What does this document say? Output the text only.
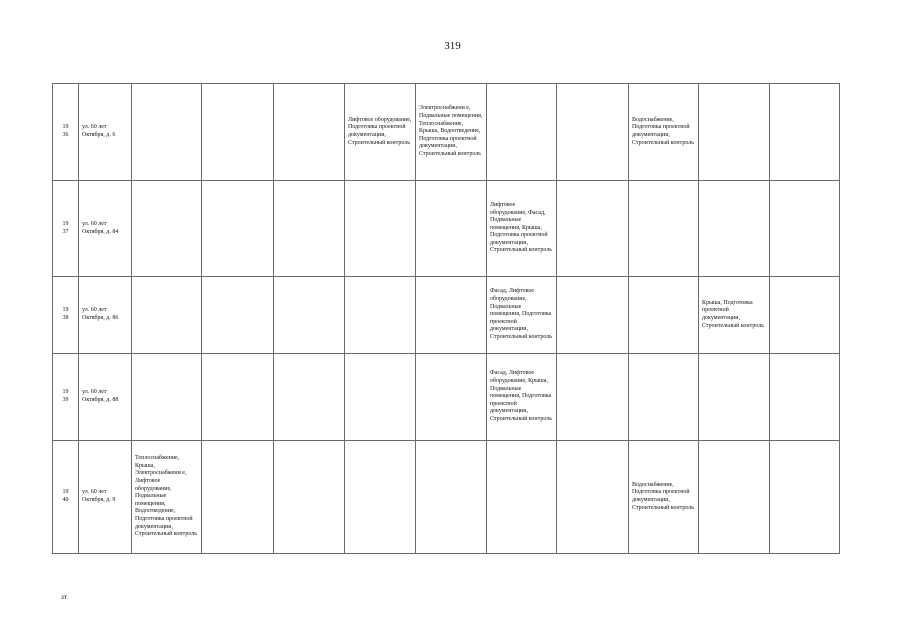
319
19
36	ул. 60 лет Октября, д. 6				Лифтовое оборудование, Подготовка проектной документации, Строительный контроль	Электроснабжени е, Подвальные помещения, Теплоснабжение, Крыша, Водоотведение, Подготовка проектной документации, Строительный контроль			Водоснабжение, Подготовка проектной документации, Строительный контроль		
19
37	ул. 60 лет Октября, д. 84						Лифтовое оборудование, Фасад, Подвальные помещения, Крыша, Подготовка проектной документации, Строительный контроль				
19
38	ул. 60 лет Октября, д. 86						Фасад, Лифтовое оборудование, Подвальные помещения, Подготовка проектной документации, Строительный контроль			Крыша, Подготовка проектной документации, Строительный контроль	
19
39	ул. 60 лет Октября, д. 88						Фасад, Лифтовое оборудование, Крыша, Подвальные помещения, Подготовка проектной документации, Строительный контроль				
19
40	ул. 60 лет Октября, д. 9	Теплоснабжение, Крыша, Электроснабжени е, Лифтовое оборудование, Подвальные помещения, Водоотведение, Подготовка проектной документации, Строительный контроль							Водоснабжение, Подготовка проектной документации, Строительный контроль		
зт
